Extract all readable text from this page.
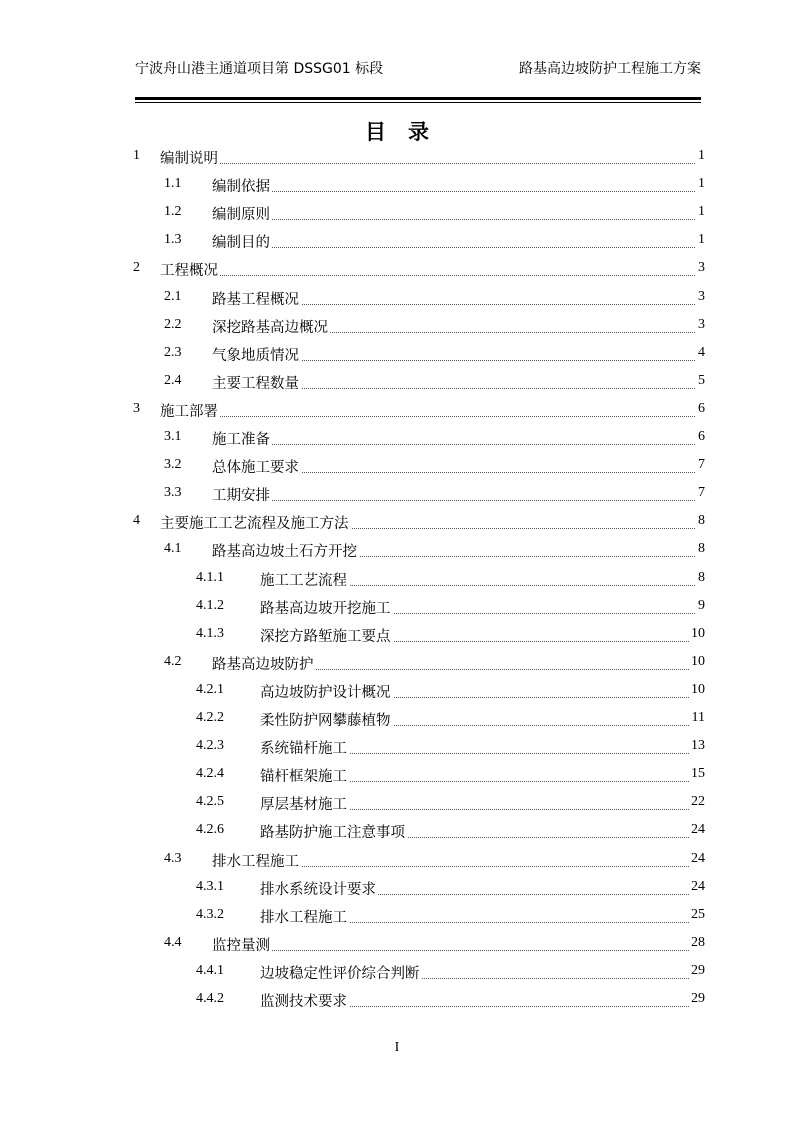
宁波舟山港主通道项目第 DSSG01 标段	路基高边坡防护工程施工方案
目录
1 编制说明	1
1.1 编制依据	1
1.2 编制原则	1
1.3 编制目的	1
2 工程概况	3
2.1 路基工程概况	3
2.2 深挖路基高边概况	3
2.3 气象地质情况	4
2.4 主要工程数量	5
3 施工部署	6
3.1 施工准备	6
3.2 总体施工要求	7
3.3 工期安排	7
4 主要施工工艺流程及施工方法	8
4.1 路基高边坡土石方开挖	8
4.1.1 施工工艺流程	8
4.1.2 路基高边坡开挖施工	9
4.1.3 深挖方路堑施工要点	10
4.2 路基高边坡防护	10
4.2.1 高边坡防护设计概况	10
4.2.2 柔性防护网攀藤植物	11
4.2.3 系统锚杆施工	13
4.2.4 锚杆框架施工	15
4.2.5 厚层基材施工	22
4.2.6 路基防护施工注意事项	24
4.3 排水工程施工	24
4.3.1 排水系统设计要求	24
4.3.2 排水工程施工	25
4.4 监控量测	28
4.4.1 边坡稳定性评价综合判断	29
4.4.2 监测技术要求	29
I
